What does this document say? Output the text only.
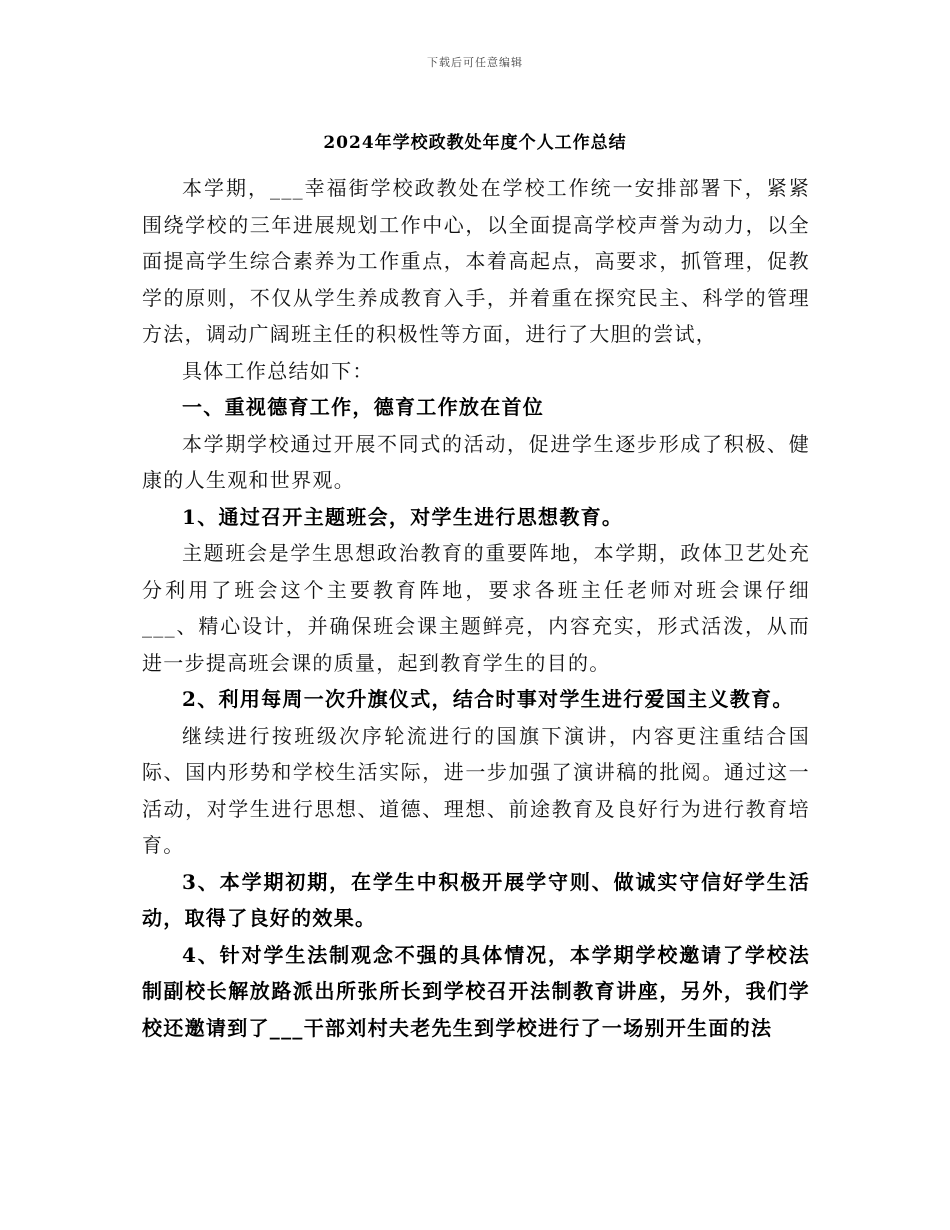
下载后可任意编辑
2024年学校政教处年度个人工作总结

本学期，___幸福街学校政教处在学校工作统一安排部署下，紧紧围绕学校的三年进展规划工作中心，以全面提高学校声誉为动力，以全面提高学生综合素养为工作重点，本着高起点，高要求，抓管理，促教学的原则，不仅从学生养成教育入手，并着重在探究民主、科学的管理方法，调动广阔班主任的积极性等方面，进行了大胆的尝试，

具体工作总结如下：

一、重视德育工作，德育工作放在首位

本学期学校通过开展不同式的活动，促进学生逐步形成了积极、健康的人生观和世界观。

1、通过召开主题班会，对学生进行思想教育。

主题班会是学生思想政治教育的重要阵地，本学期，政体卫艺处充分利用了班会这个主要教育阵地，要求各班主任老师对班会课仔细___、精心设计，并确保班会课主题鲜亮，内容充实，形式活泼，从而进一步提高班会课的质量，起到教育学生的目的。

2、利用每周一次升旗仪式，结合时事对学生进行爱国主义教育。

继续进行按班级次序轮流进行的国旗下演讲，内容更注重结合国际、国内形势和学校生活实际，进一步加强了演讲稿的批阅。通过这一活动，对学生进行思想、道德、理想、前途教育及良好行为进行教育培育。

3、本学期初期，在学生中积极开展学守则、做诚实守信好学生活动，取得了良好的效果。

4、针对学生法制观念不强的具体情况，本学期学校邀请了学校法制副校长解放路派出所张所长到学校召开法制教育讲座，另外，我们学校还邀请到了___干部刘村夫老先生到学校进行了一场别开生面的法
